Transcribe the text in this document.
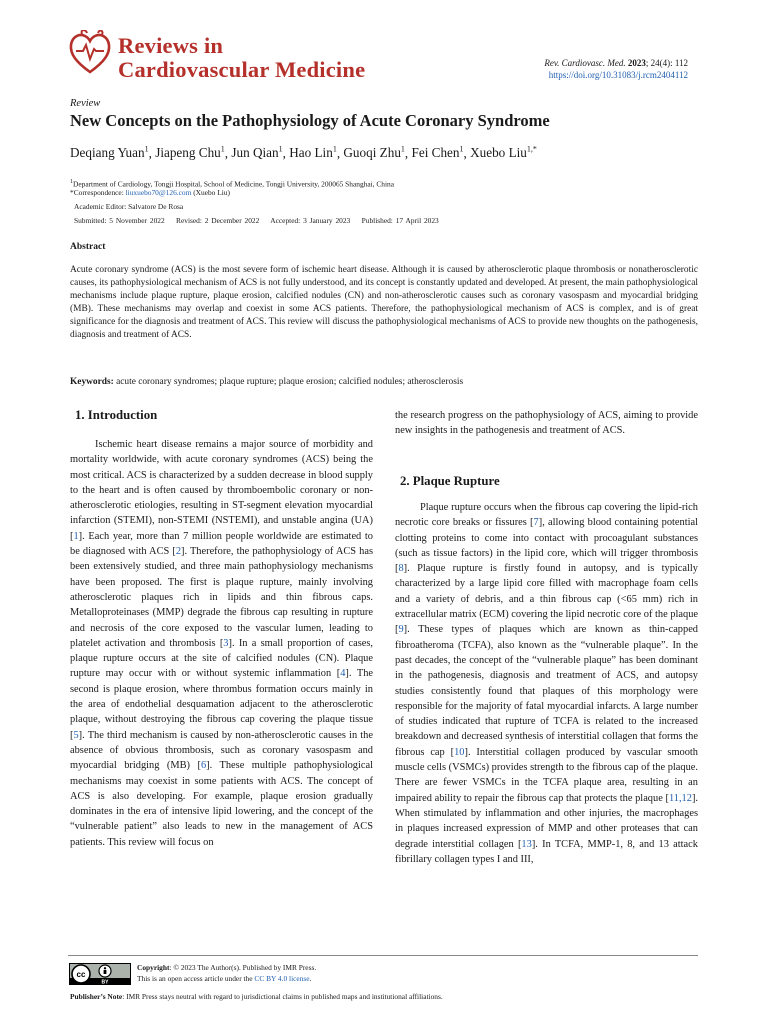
Reviews in
Cardiovascular Medicine	Rev. Cardiovasc. Med. 2023; 24(4): 112
https://doi.org/10.31083/j.rcm2404112
Review
New Concepts on the Pathophysiology of Acute Coronary Syndrome
Deqiang Yuan$^1$, Jiapeng Chu$^1$, Jun Qian$^1$, Hao Lin$^1$, Guoqi Zhu$^1$, Fei Chen$^1$, Xuebo Liu$^{1,*}$
$^1$Department of Cardiology, Tongji Hospital, School of Medicine, Tongji University, 200065 Shanghai, China
*Correspondence: liuxuebo70@126.com (Xuebo Liu)
Academic Editor: Salvatore De Rosa
Submitted: 5 November 2022 Revised: 2 December 2022 Accepted: 3 January 2023 Published: 17 April 2023
Abstract
Acute coronary syndrome (ACS) is the most severe form of ischemic heart disease. Although it is caused by atherosclerotic plaque thrombosis or nonatherosclerotic causes, its pathophysiological mechanism of ACS is not fully understood, and its concept is constantly updated and developed. At present, the main pathophysiological mechanisms include plaque rupture, plaque erosion, calcified nodules (CN) and non-atherosclerotic causes such as coronary vasospasm and myocardial bridging (MB). These mechanisms may overlap and coexist in some ACS patients. Therefore, the pathophysiological mechanism of ACS is complex, and is of great significance for the diagnosis and treatment of ACS. This review will discuss the pathophysiological mechanisms of ACS to provide new thoughts on the pathogenesis, diagnosis and treatment of ACS.
Keywords: acute coronary syndromes; plaque rupture; plaque erosion; calcified nodules; atherosclerosis
1. Introduction

Ischemic heart disease remains a major source of morbidity and mortality worldwide, with acute coronary syndromes (ACS) being the most critical. ACS is characterized by a sudden decrease in blood supply to the heart and is often caused by thromboembolic coronary or non-atherosclerotic etiologies, resulting in ST-segment elevation myocardial infarction (STEMI), non-STEMI (NSTEMI), and unstable angina (UA) [1]. Each year, more than 7 million people worldwide are estimated to be diagnosed with ACS [2]. Therefore, the pathophysiology of ACS has been extensively studied, and three main pathophysiology mechanisms have been proposed. The first is plaque rupture, mainly involving atherosclerotic plaques rich in lipids and thin fibrous caps. Metalloproteinases (MMP) degrade the fibrous cap resulting in rupture and necrosis of the core exposed to the vascular lumen, leading to platelet activation and thrombosis [3]. In a small proportion of cases, plaque rupture occurs at the site of calcified nodules (CN). Plaque rupture may occur with or without systemic inflammation [4]. The second is plaque erosion, where thrombus formation occurs mainly in the area of endothelial desquamation adjacent to the atherosclerotic plaque, without destroying the fibrous cap covering the plaque tissue [5]. The third mechanism is caused by non-atherosclerotic causes in the absence of obvious thrombosis, such as coronary vasospasm and myocardial bridging (MB) [6]. These multiple pathophysiological mechanisms may coexist in some patients with ACS. The concept of ACS is also developing. For example, plaque erosion gradually dominates in the era of intensive lipid lowering, and the concept of the “vulnerable patient” also leads to new in the management of ACS patients. This review will focus on

the research progress on the pathophysiology of ACS, aiming to provide new insights in the pathogenesis and treatment of ACS.

2. Plaque Rupture

Plaque rupture occurs when the fibrous cap covering the lipid-rich necrotic core breaks or fissures [7], allowing blood containing potential clotting proteins to come into contact with procoagulant substances (such as tissue factors) in the lipid core, which will trigger thrombosis [8]. Plaque rupture is firstly found in autopsy, and is typically characterized by a large lipid core filled with macrophage foam cells and a variety of debris, and a thin fibrous cap (<65 mm) rich in extracellular matrix (ECM) covering the lipid necrotic core of the plaque [9]. These types of plaques which are known as thin-capped fibroatheroma (TCFA), also known as the “vulnerable plaque”. In the past decades, the concept of the “vulnerable plaque” has been dominant in the pathogenesis, diagnosis and treatment of ACS, and autopsy studies consistently found that plaques of this morphology were responsible for the majority of fatal myocardial infarcts. A large number of studies indicated that rupture of TCFA is related to the increased breakdown and decreased synthesis of interstitial collagen that forms the fibrous cap [10]. Interstitial collagen produced by vascular smooth muscle cells (VSMCs) provides strength to the fibrous cap of the plaque. There are fewer VSMCs in the TCFA plaque area, resulting in an impaired ability to repair the fibrous cap that protects the plaque [11,12]. When stimulated by inflammation and other injuries, the macrophages in plaques increased expression of MMP and other proteases that can degrade interstitial collagen [13]. In TCFA, MMP-1, 8, and 13 attack fibrillary collagen types I and III,

cc
BY
Copyright: © 2023 The Author(s). Published by IMR Press.
This is an open access article under the CC BY 4.0 license.
Publisher’s Note: IMR Press stays neutral with regard to jurisdictional claims in published maps and institutional affiliations.
